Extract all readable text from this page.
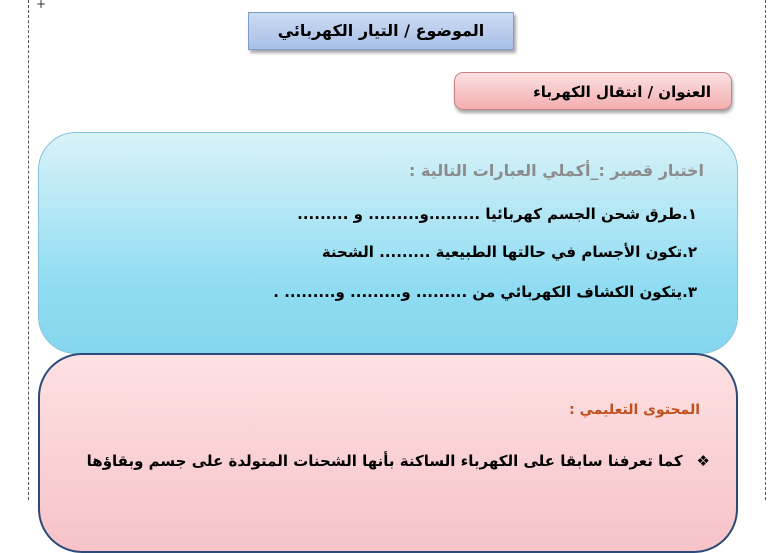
+
الموضوع / التيار الكهربائي
العنوان / انتقال الكهرباء
اختبار قصير :_أكملي العبارات التالية :
١.طرق شحن الجسم كهربائيا .........و......... و .........
٢.تكون الأجسام في حالتها الطبيعية ......... الشحنة
٣.يتكون الكشاف الكهربائي من ......... و......... و......... .
المحتوى التعليمي :
❖
كما تعرفنا سابقا على الكهرباء الساكنة بأنها الشحنات المتولدة على جسم وبقاؤها
